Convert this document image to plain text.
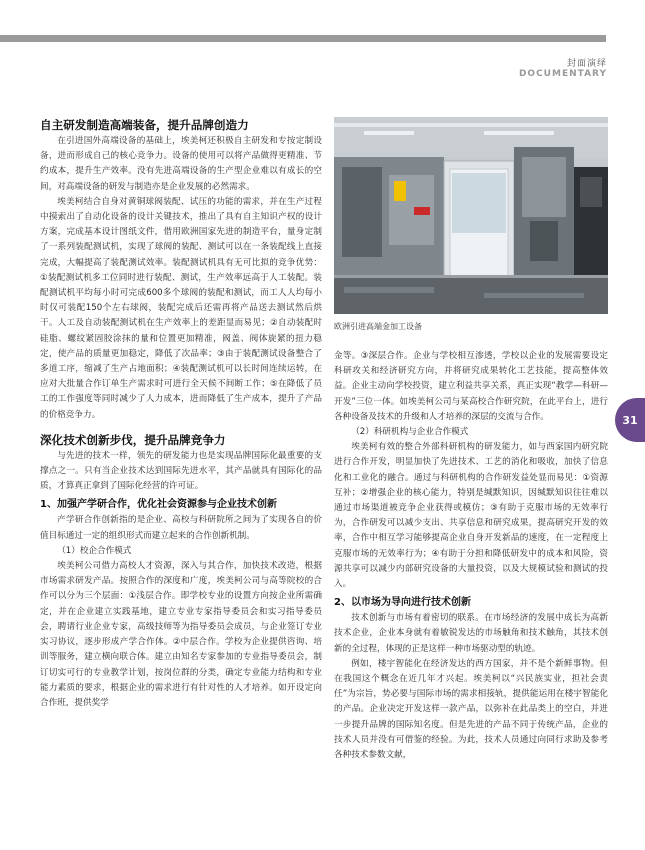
封面演绎
DOCUMENTARY
31
自主研发制造高端装备，提升品牌创造力

在引进国外高端设备的基础上，埃美柯还积极自主研发和专按定制设备，进而形成自己的核心竞争力。设备的使用可以将产品做得更精准、节约成本，提升生产效率。没有先进高端设备的生产型企业难以有成长的空间，对高端设备的研发与制造亦是企业发展的必然需求。

埃美柯结合自身对黄铜球阀装配、试压的功能的需求，并在生产过程中摸索出了自动化设备的设计关键技术，推出了具有自主知识产权的设计方案，完成基本设计图纸文件，借用欧洲国家先进的制造平台，量身定制了一系列装配测试机，实现了球阀的装配、测试可以在一条装配线上直接完成，大幅提高了装配测试效率。装配测试机具有无可比拟的竞争优势：①装配测试机多工位同时进行装配、测试，生产效率远高于人工装配。装配测试机平均每小时可完成600多个球阀的装配和测试，而工人人均每小时仅可装配150个左右球阀，装配完成后还需再将产品送去测试然后烘干。人工及自动装配测试机在生产效率上的差距显而易见；②自动装配时硅脂、螺纹紧固胶涂抹的量和位置更加精准，阀盖、阀体旋紧的扭力稳定，使产品的质量更加稳定，降低了次品率；③由于装配测试设备整合了多道工序，缩减了生产占地面积；④装配测试机可以长时间连续运转，在应对大批量合作订单生产需求时可进行全天候不间断工作；⑤在降低了员工的工作强度等同时减少了人力成本，进而降低了生产成本，提升了产品的价格竞争力。

深化技术创新步伐，提升品牌竞争力

与先进的技术一样，领先的研发能力也是实现品牌国际化最重要的支撑点之一。只有当企业技术达到国际先进水平，其产品就具有国际化的品质，才算真正拿到了国际化经营的许可证。

1、加强产学研合作，优化社会资源参与企业技术创新

产学研合作创新指的是企业、高校与科研院所之间为了实现各自的价值目标通过一定的组织形式而建立起来的合作创新机制。

（1）校企合作模式

埃美柯公司借力高校人才资源，深入与其合作，加快技术改造，根据市场需求研发产品。按照合作的深度和广度，埃美柯公司与高等院校的合作可以分为三个层面：①浅层合作。即学校专业的设置方向按企业所需确定，并在企业建立实践基地，建立专业专家指导委员会和实习指导委员会，聘请行业企业专家，高级技师等为指导委员会成员，与企业签订专业实习协议，逐步形成产学合作体。②中层合作。学校为企业提供咨询、培训等服务，建立横向联合体。建立由知名专家参加的专业指导委员会，制订切实可行的专业教学计划，按岗位群的分类，确定专业能力结构和专业能力素质的要求，根据企业的需求进行有针对性的人才培养。如开设定向合作班，提供奖学

欧洲引进高端金加工设备

金等。③深层合作。企业与学校相互渗透，学校以企业的发展需要设定科研攻关和经济研究方向，并将研究成果转化工艺技能，提高整体效益。企业主动向学校投资，建立利益共享关系，真正实现“教学—科研—开发”三位一体。如埃美柯公司与某高校合作研究院，在此平台上，进行各种设备及技术的升级和人才培养的深层的交流与合作。

（2）科研机构与企业合作模式

埃美柯有效的整合外部科研机构的研发能力，如与西家国内研究院进行合作开发，明显加快了先进技术、工艺的消化和吸收，加快了信息化和工业化的融合。通过与科研机构的合作研发益处显而易见：①资源互补；②增强企业的核心能力，特别是缄默知识，因缄默知识往往难以通过市场渠道被竞争企业获得或模仿；③有助于克服市场的无效率行为，合作研发可以减少支出、共享信息和研究成果，提高研究开发的效率，合作中相互学习能够提高企业自身开发新品的速度，在一定程度上克服市场的无效率行为；④有助于分担和降低研发中的成本和风险，资源共享可以减少内部研究设备的大量投资，以及大规模试验和测试的投入。

2、以市场为导向进行技术创新

技术创新与市场有着密切的联系。在市场经济的发展中成长为高新技术企业，企业本身就有着敏锐发达的市场触角和技术触角，其技术创新的全过程，体现的正是这样一种市场驱动型的轨迹。

例如，楼宇智能化在经济发达的西方国家，并不是个新鲜事物。但在我国这个概念在近几年才兴起。埃美柯以“兴民族实业，担社会责任”为宗旨，势必要与国际市场的需求相接轨，提供能运用在楼宇智能化的产品。企业决定开发这样一款产品，以弥补在此品类上的空白，并进一步提升品牌的国际知名度。但是先进的产品不同于传统产品，企业的技术人员并没有可借鉴的经验。为此，技术人员通过向同行求助及参考各种技术参数文献，
